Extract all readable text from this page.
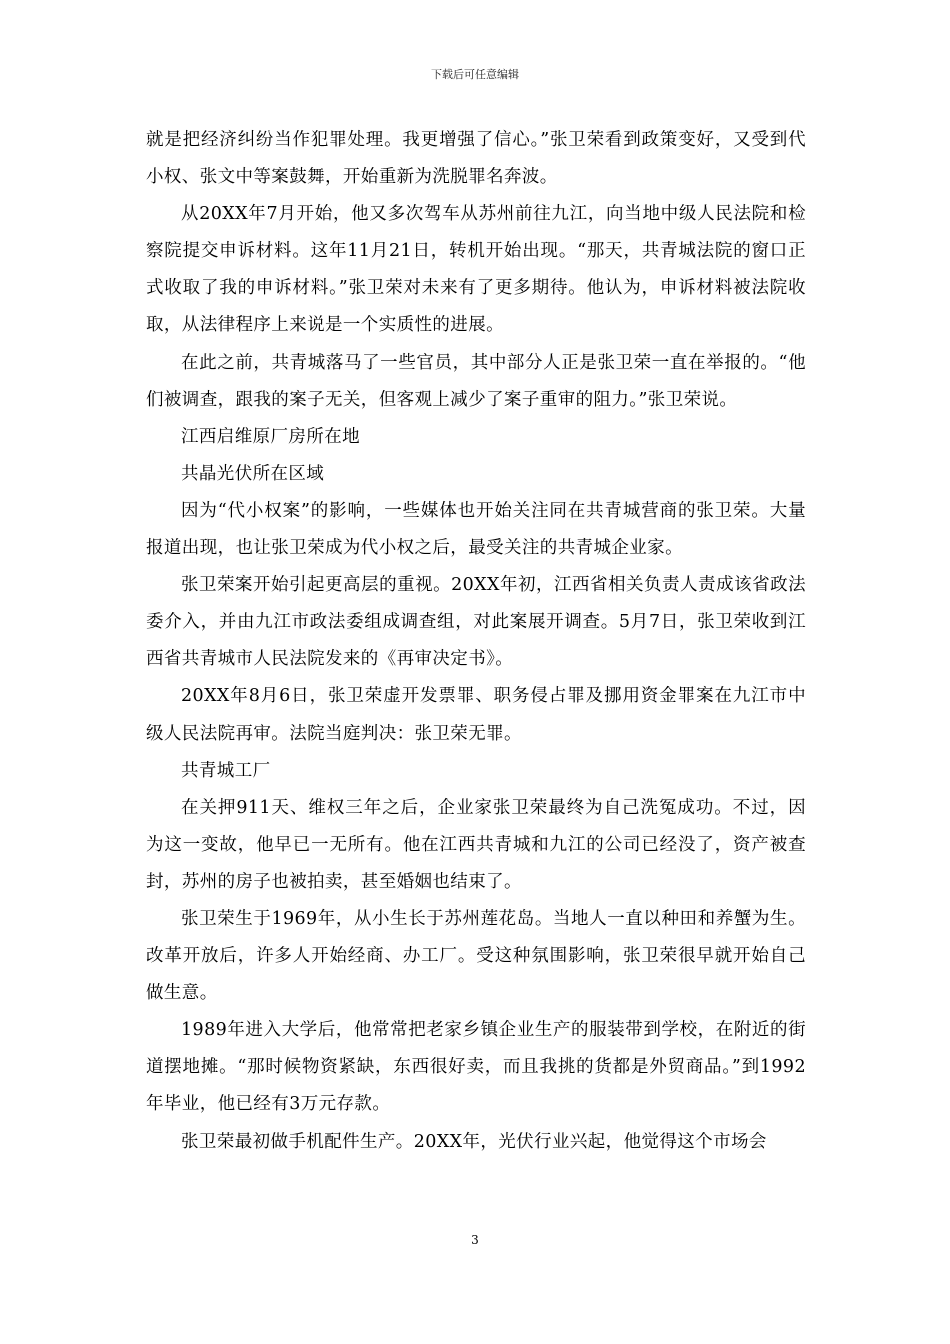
下载后可任意编辑

就是把经济纠纷当作犯罪处理。我更增强了信心。”张卫荣看到政策变好，又受到代小权、张文中等案鼓舞，开始重新为洗脱罪名奔波。

从20XX年7月开始，他又多次驾车从苏州前往九江，向当地中级人民法院和检察院提交申诉材料。这年11月21日，转机开始出现。“那天，共青城法院的窗口正式收取了我的申诉材料。”张卫荣对未来有了更多期待。他认为，申诉材料被法院收取，从法律程序上来说是一个实质性的进展。

在此之前，共青城落马了一些官员，其中部分人正是张卫荣一直在举报的。“他们被调查，跟我的案子无关，但客观上减少了案子重审的阻力。”张卫荣说。

江西启维原厂房所在地

共晶光伏所在区域

因为“代小权案”的影响，一些媒体也开始关注同在共青城营商的张卫荣。大量报道出现，也让张卫荣成为代小权之后，最受关注的共青城企业家。

张卫荣案开始引起更高层的重视。20XX年初，江西省相关负责人责成该省政法委介入，并由九江市政法委组成调查组，对此案展开调查。5月7日，张卫荣收到江西省共青城市人民法院发来的《再审决定书》。

20XX年8月6日，张卫荣虚开发票罪、职务侵占罪及挪用资金罪案在九江市中级人民法院再审。法院当庭判决：张卫荣无罪。

共青城工厂

在关押911天、维权三年之后，企业家张卫荣最终为自己洗冤成功。不过，因为这一变故，他早已一无所有。他在江西共青城和九江的公司已经没了，资产被查封，苏州的房子也被拍卖，甚至婚姻也结束了。

张卫荣生于1969年，从小生长于苏州莲花岛。当地人一直以种田和养蟹为生。改革开放后，许多人开始经商、办工厂。受这种氛围影响，张卫荣很早就开始自己做生意。

1989年进入大学后，他常常把老家乡镇企业生产的服装带到学校，在附近的街道摆地摊。“那时候物资紧缺，东西很好卖，而且我挑的货都是外贸商品。”到1992年毕业，他已经有3万元存款。

张卫荣最初做手机配件生产。20XX年，光伏行业兴起，他觉得这个市场会

3
